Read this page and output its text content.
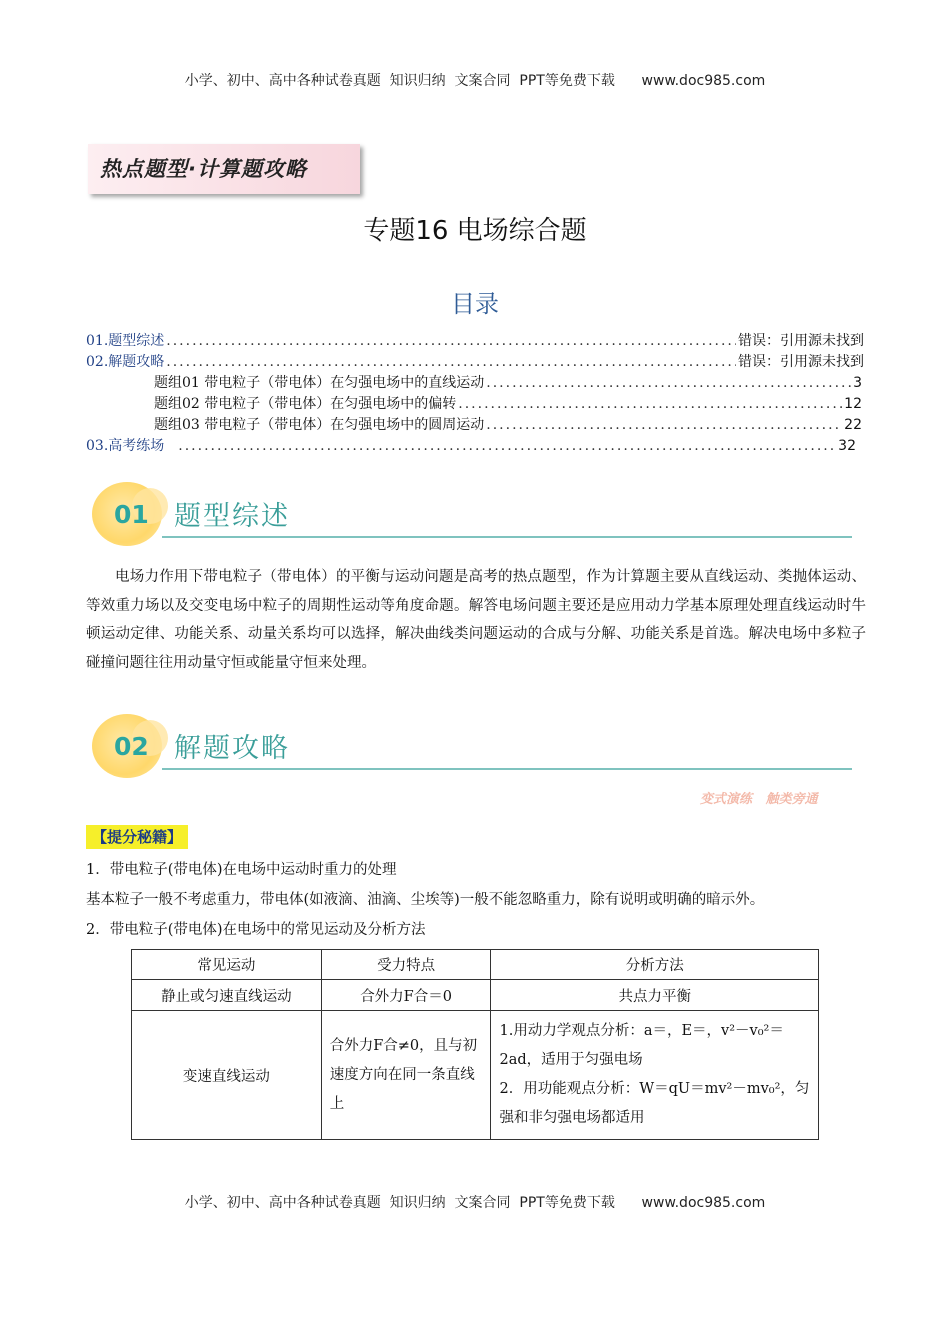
小学、初中、高中各种试卷真题  知识归纳  文案合同  PPT等免费下载      www.doc985.com
热点题型·计算题攻略
专题16 电场综合题
目录
01.题型综述 .....	错误：引用源未找到
02.解题攻略 .....	错误：引用源未找到
题组01 带电粒子（带电体）在匀强电场中的直线运动 .....	3
题组02 带电粒子（带电体）在匀强电场中的偏转 .....	12
题组03 带电粒子（带电体）在匀强电场中的圆周运动 .....	22
03.高考练场 .....	32
01 题型综述
电场力作用下带电粒子（带电体）的平衡与运动问题是高考的热点题型，作为计算题主要从直线运动、类抛体运动、等效重力场以及交变电场中粒子的周期性运动等角度命题。解答电场问题主要还是应用动力学基本原理处理直线运动时牛顿运动定律、功能关系、动量关系均可以选择，解决曲线类问题运动的合成与分解、功能关系是首选。解决电场中多粒子碰撞问题往往用动量守恒或能量守恒来处理。
02 解题攻略
变式演练   触类旁通
【提分秘籍】
1．带电粒子(带电体)在电场中运动时重力的处理
基本粒子一般不考虑重力，带电体(如液滴、油滴、尘埃等)一般不能忽略重力，除有说明或明确的暗示外。
2．带电粒子(带电体)在电场中的常见运动及分析方法
常见运动	受力特点	分析方法
静止或匀速直线运动	合外力F合＝0	共点力平衡
变速直线运动	合外力F合≠0，且与初速度方向在同一条直线上	1.用动力学观点分析：a＝，E＝，v²－v₀²＝2ad，适用于匀强电场
2．用功能观点分析：W＝qU＝mv²－mv₀²，匀强和非匀强电场都适用
小学、初中、高中各种试卷真题  知识归纳  文案合同  PPT等免费下载      www.doc985.com
